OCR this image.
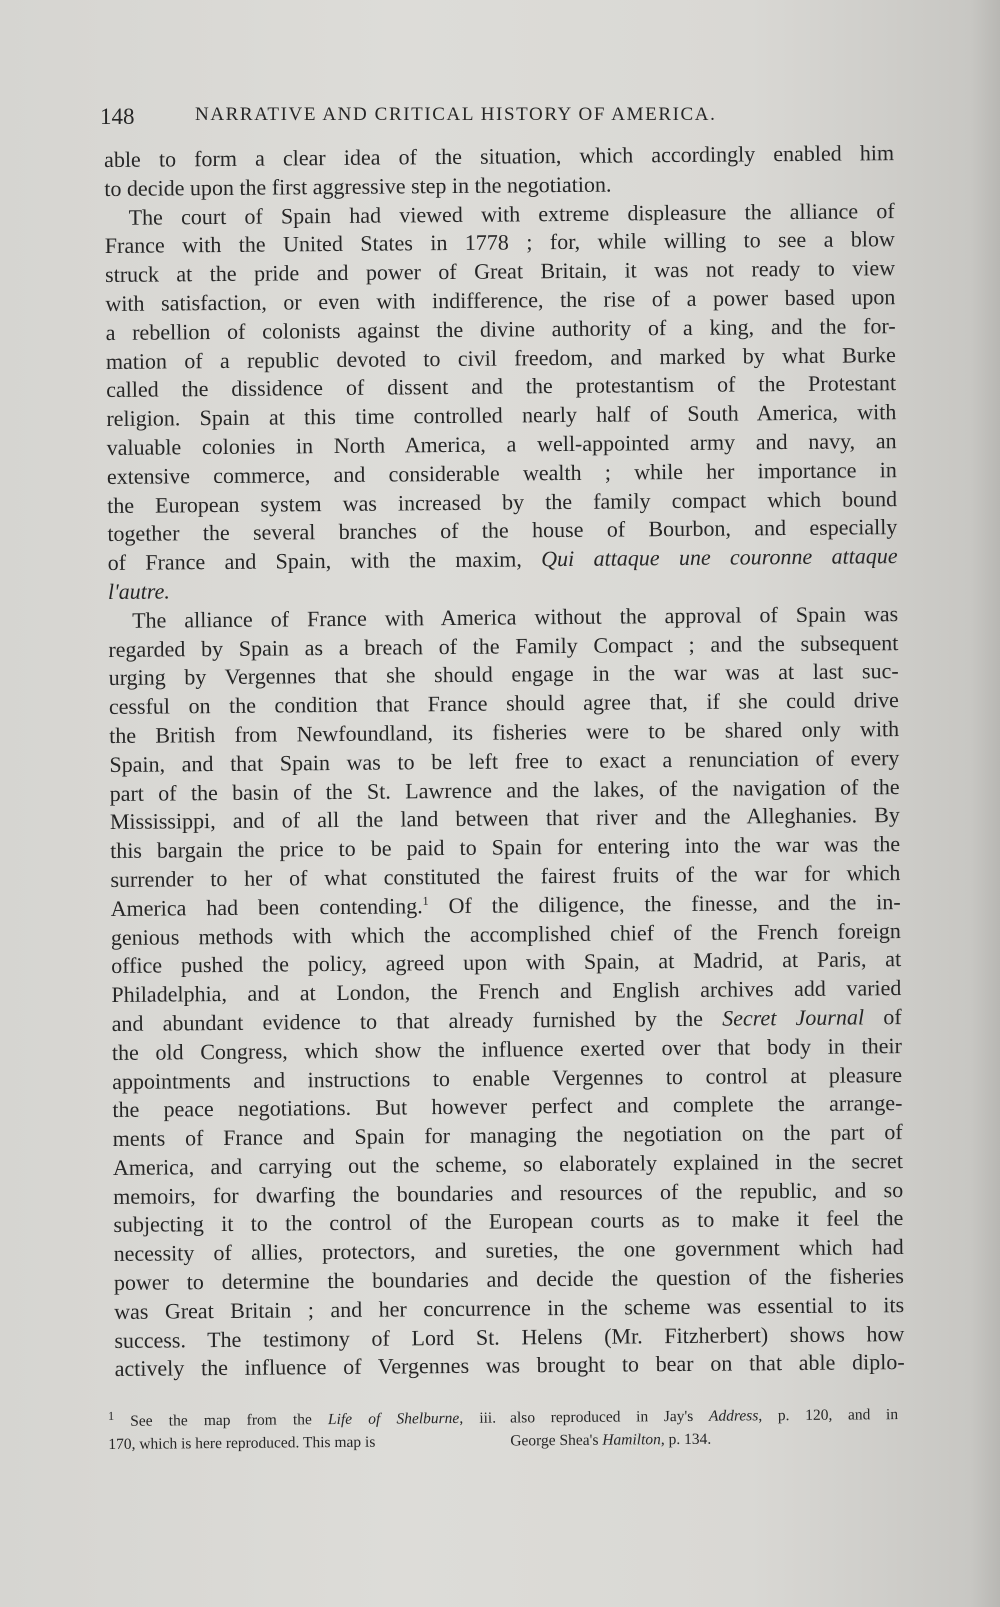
148	NARRATIVE AND CRITICAL HISTORY OF AMERICA.
able to form a clear idea of the situation, which accordingly enabled him
to decide upon the first aggressive step in the negotiation.
The court of Spain had viewed with extreme displeasure the alliance of
France with the United States in 1778 ; for, while willing to see a blow
struck at the pride and power of Great Britain, it was not ready to view
with satisfaction, or even with indifference, the rise of a power based upon
a rebellion of colonists against the divine authority of a king, and the for-
mation of a republic devoted to civil freedom, and marked by what Burke
called the dissidence of dissent and the protestantism of the Protestant
religion. Spain at this time controlled nearly half of South America, with
valuable colonies in North America, a well-appointed army and navy, an
extensive commerce, and considerable wealth ; while her importance in
the European system was increased by the family compact which bound
together the several branches of the house of Bourbon, and especially
of France and Spain, with the maxim, Qui attaque une couronne attaque
l'autre.
The alliance of France with America without the approval of Spain was
regarded by Spain as a breach of the Family Compact ; and the subsequent
urging by Vergennes that she should engage in the war was at last suc-
cessful on the condition that France should agree that, if she could drive
the British from Newfoundland, its fisheries were to be shared only with
Spain, and that Spain was to be left free to exact a renunciation of every
part of the basin of the St. Lawrence and the lakes, of the navigation of the
Mississippi, and of all the land between that river and the Alleghanies. By
this bargain the price to be paid to Spain for entering into the war was the
surrender to her of what constituted the fairest fruits of the war for which
America had been contending.$^1$ Of the diligence, the finesse, and the in-
genious methods with which the accomplished chief of the French foreign
office pushed the policy, agreed upon with Spain, at Madrid, at Paris, at
Philadelphia, and at London, the French and English archives add varied
and abundant evidence to that already furnished by the Secret Journal of
the old Congress, which show the influence exerted over that body in their
appointments and instructions to enable Vergennes to control at pleasure
the peace negotiations. But however perfect and complete the arrange-
ments of France and Spain for managing the negotiation on the part of
America, and carrying out the scheme, so elaborately explained in the secret
memoirs, for dwarfing the boundaries and resources of the republic, and so
subjecting it to the control of the European courts as to make it feel the
necessity of allies, protectors, and sureties, the one government which had
power to determine the boundaries and decide the question of the fisheries
was Great Britain ; and her concurrence in the scheme was essential to its
success. The testimony of Lord St. Helens (Mr. Fitzherbert) shows how
actively the influence of Vergennes was brought to bear on that able diplo-
$^1$ See the map from the Life of Shelburne, iii.
170, which is here reproduced. This map is
also reproduced in Jay's Address, p. 120, and in
George Shea's Hamilton, p. 134.
